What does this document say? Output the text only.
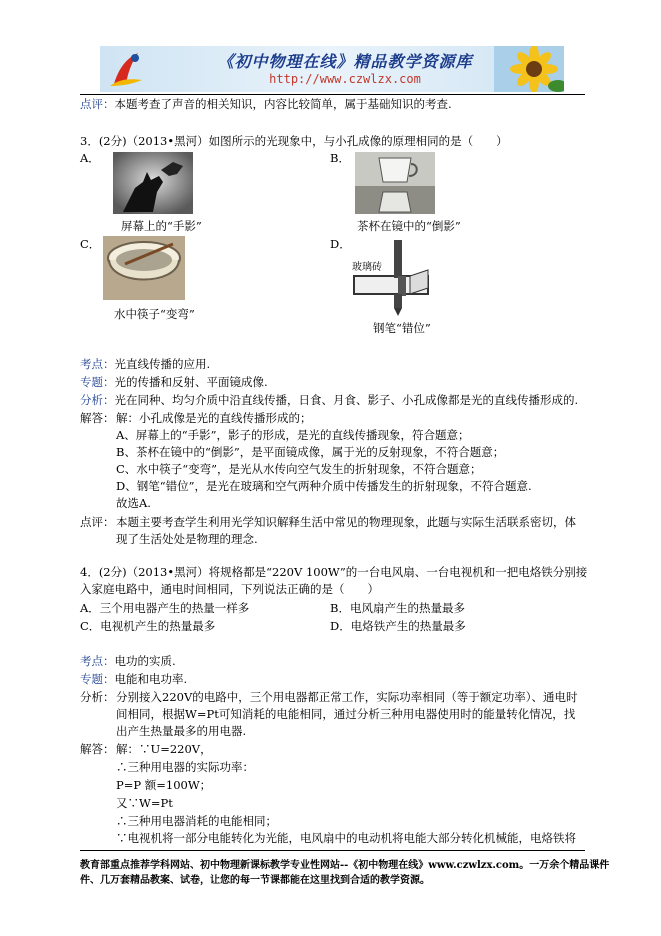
《初中物理在线》精品教学资源库
http://www.czwlzx.com
点评：本题考查了声音的相关知识，内容比较简单，属于基础知识的考查.
3．(2分)（2013•黑河）如图所示的光现象中，与小孔成像的原理相同的是（　　）
A．
屏幕上的“手影”
B．
茶杯在镜中的“倒影”
C．
水中筷子“变弯”
D．
玻璃砖
钢笔“错位”
考点：光直线传播的应用.
专题：光的传播和反射、平面镜成像.
分析：光在同种、均匀介质中沿直线传播，日食、月食、影子、小孔成像都是光的直线传播形成的.
解答： 解：小孔成像是光的直线传播形成的；
A、屏幕上的“手影”，影子的形成，是光的直线传播现象，符合题意；
B、茶杯在镜中的“倒影”，是平面镜成像，属于光的反射现象，不符合题意；
C、水中筷子“变弯”，是光从水传向空气发生的折射现象，不符合题意；
D、钢笔“错位”，是光在玻璃和空气两种介质中传播发生的折射现象，不符合题意.
故选A.
点评： 本题主要考查学生利用光学知识解释生活中常见的物理现象，此题与实际生活联系密切，体
现了生活处处是物理的理念.
4．(2分)（2013•黑河）将规格都是“220V 100W”的一台电风扇、一台电视机和一把电烙铁分别接
入家庭电路中，通电时间相同，下列说法正确的是（　　）
A．三个用电器产生的热量一样多	B．电风扇产生的热量最多
C．电视机产生的热量最多	D．电烙铁产生的热量最多
考点：电功的实质.
专题：电能和电功率.
分析： 分别接入220V的电路中，三个用电器都正常工作，实际功率相同（等于额定功率）、通电时
间相同，根据W=Pt可知消耗的电能相同，通过分析三种用电器使用时的能量转化情况，找
出产生热量最多的用电器.
解答： 解：∵U=220V，
∴三种用电器的实际功率：
P=P 额=100W；
又∵W=Pt
∴三种用电器消耗的电能相同；
∵电视机将一部分电能转化为光能，电风扇中的电动机将电能大部分转化机械能，电烙铁将
教育部重点推荐学科网站、初中物理新课标教学专业性网站--《初中物理在线》www.czwlzx.com。一万余个精品课件
件、几万套精品教案、试卷，让您的每一节课都能在这里找到合适的教学资源。
